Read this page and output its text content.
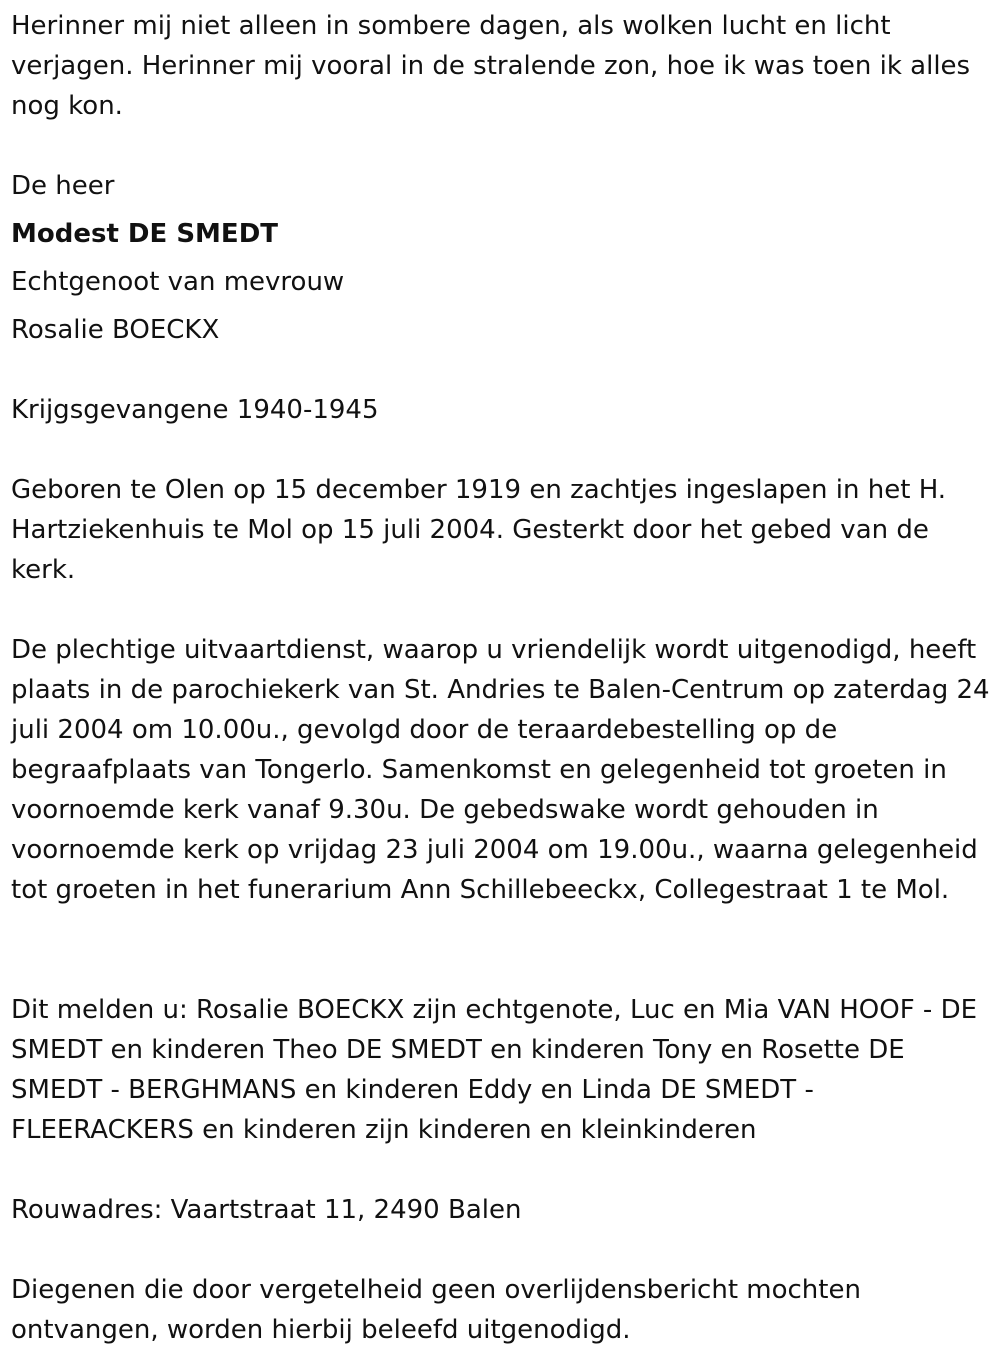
Herinner mij niet alleen in sombere dagen, als wolken lucht en licht verjagen. Herinner mij vooral in de stralende zon, hoe ik was toen ik alles nog kon.

De heer

Modest DE SMEDT

Echtgenoot van mevrouw

Rosalie BOECKX

Krijgsgevangene 1940-1945

Geboren te Olen op 15 december 1919 en zachtjes ingeslapen in het H. Hartziekenhuis te Mol op 15 juli 2004. Gesterkt door het gebed van de kerk.

De plechtige uitvaartdienst, waarop u vriendelijk wordt uitgenodigd, heeft plaats in de parochiekerk van St. Andries te Balen-Centrum op zaterdag 24 juli 2004 om 10.00u., gevolgd door de teraardebestelling op de begraafplaats van Tongerlo. Samenkomst en gelegenheid tot groeten in voornoemde kerk vanaf 9.30u. De gebedswake wordt gehouden in voornoemde kerk op vrijdag 23 juli 2004 om 19.00u., waarna gelegenheid tot groeten in het funerarium Ann Schillebeeckx, Collegestraat 1 te Mol.

Dit melden u: Rosalie BOECKX zijn echtgenote, Luc en Mia VAN HOOF - DE SMEDT en kinderen Theo DE SMEDT en kinderen Tony en Rosette DE SMEDT - BERGHMANS en kinderen Eddy en Linda DE SMEDT - FLEERACKERS en kinderen zijn kinderen en kleinkinderen

Rouwadres: Vaartstraat 11, 2490 Balen

Diegenen die door vergetelheid geen overlijdensbericht mochten ontvangen, worden hierbij beleefd uitgenodigd.
